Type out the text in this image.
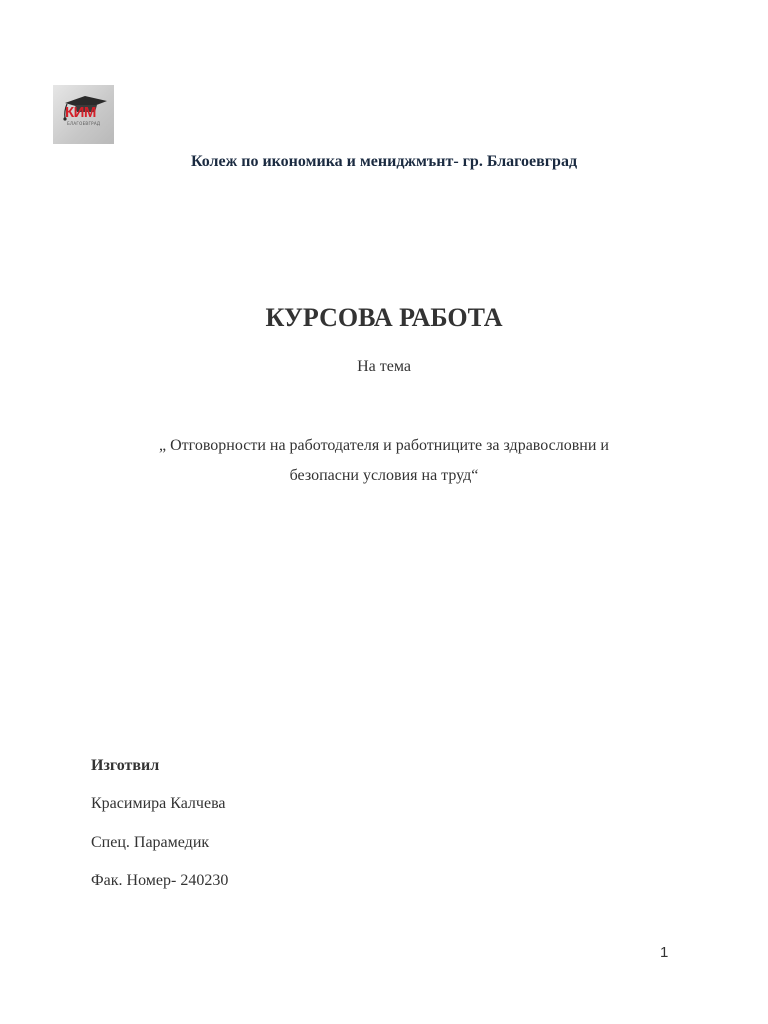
КИМ
БЛАГОЕВГРАД
Колеж по икономика и мениджмънт- гр. Благоевград
КУРСОВА РАБОТА
На тема
„ Отговорности на работодателя и работниците за здравословни и
безопасни условия на труд“
Изготвил
Красимира Калчева
Спец. Парамедик
Фак. Номер- 240230
1
